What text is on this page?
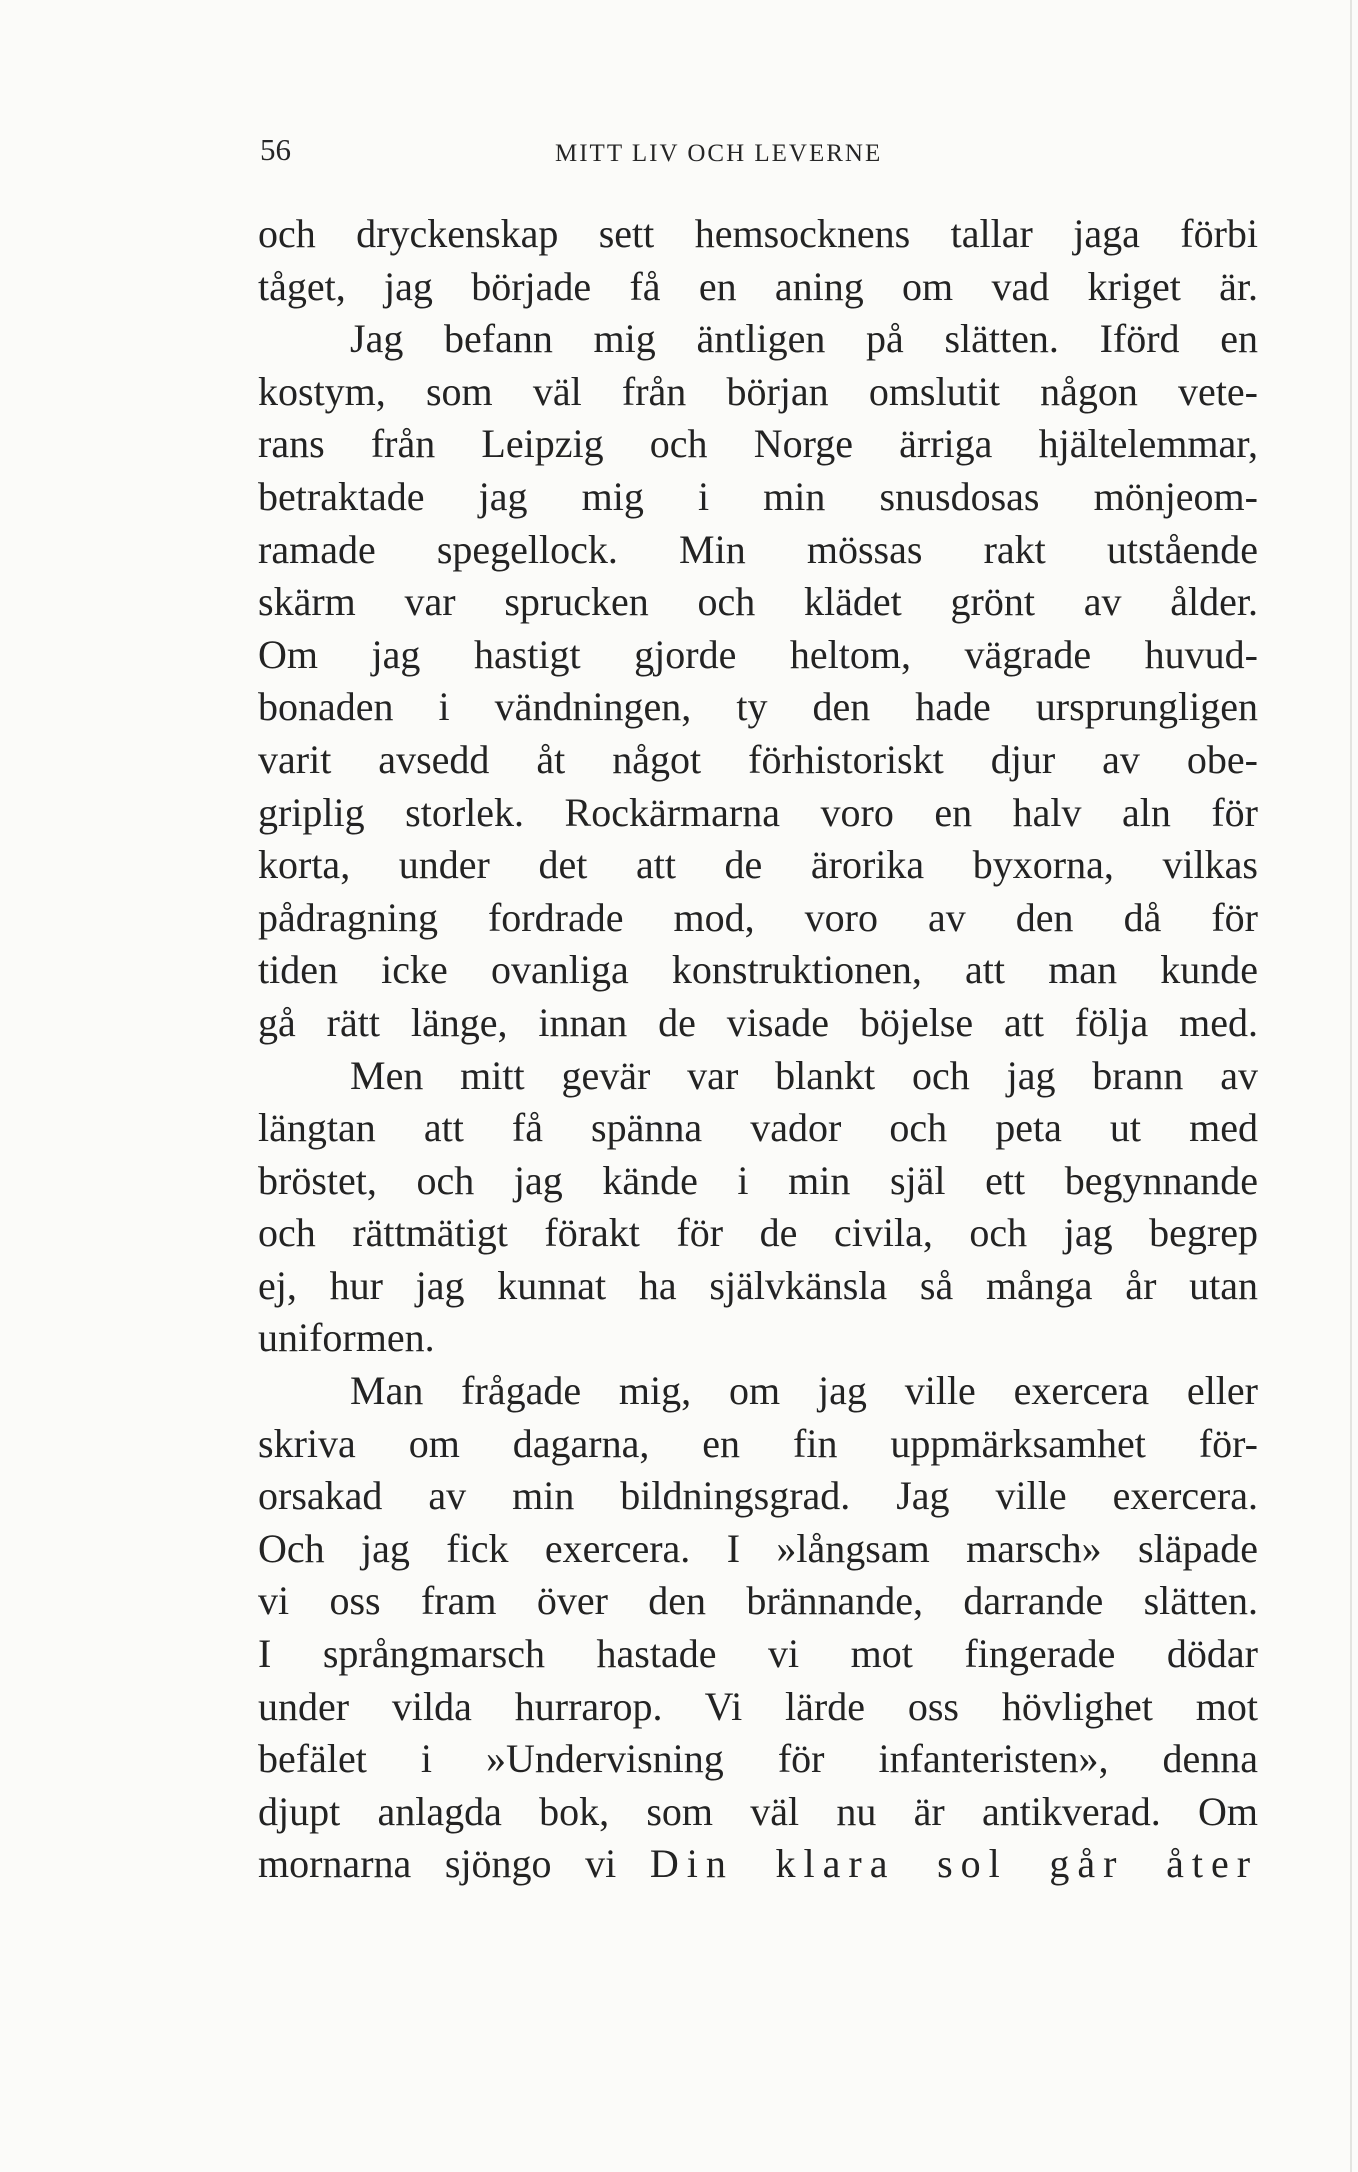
56	MITT LIV OCH LEVERNE
och dryckenskap sett hemsocknens tallar jaga förbi
tåget, jag började få en aning om vad kriget är.
Jag befann mig äntligen på slätten. Iförd en
kostym, som väl från början omslutit någon vete-
rans från Leipzig och Norge ärriga hjältelemmar,
betraktade jag mig i min snusdosas mönjeom-
ramade spegellock. Min mössas rakt utstående
skärm var sprucken och klädet grönt av ålder.
Om jag hastigt gjorde heltom, vägrade huvud-
bonaden i vändningen, ty den hade ursprungligen
varit avsedd åt något förhistoriskt djur av obe-
griplig storlek. Rockärmarna voro en halv aln för
korta, under det att de ärorika byxorna, vilkas
pådragning fordrade mod, voro av den då för
tiden icke ovanliga konstruktionen, att man kunde
gå rätt länge, innan de visade böjelse att följa med.
Men mitt gevär var blankt och jag brann av
längtan att få spänna vador och peta ut med
bröstet, och jag kände i min själ ett begynnande
och rättmätigt förakt för de civila, och jag begrep
ej, hur jag kunnat ha självkänsla så många år utan
uniformen.
Man frågade mig, om jag ville exercera eller
skriva om dagarna, en fin uppmärksamhet för-
orsakad av min bildningsgrad. Jag ville exercera.
Och jag fick exercera. I »långsam marsch» släpade
vi oss fram över den brännande, darrande slätten.
I språngmarsch hastade vi mot fingerade dödar
under vilda hurrarop. Vi lärde oss hövlighet mot
befälet i »Undervisning för infanteristen», denna
djupt anlagda bok, som väl nu är antikverad. Om
mornarna sjöngo vi Din klara sol går åter
